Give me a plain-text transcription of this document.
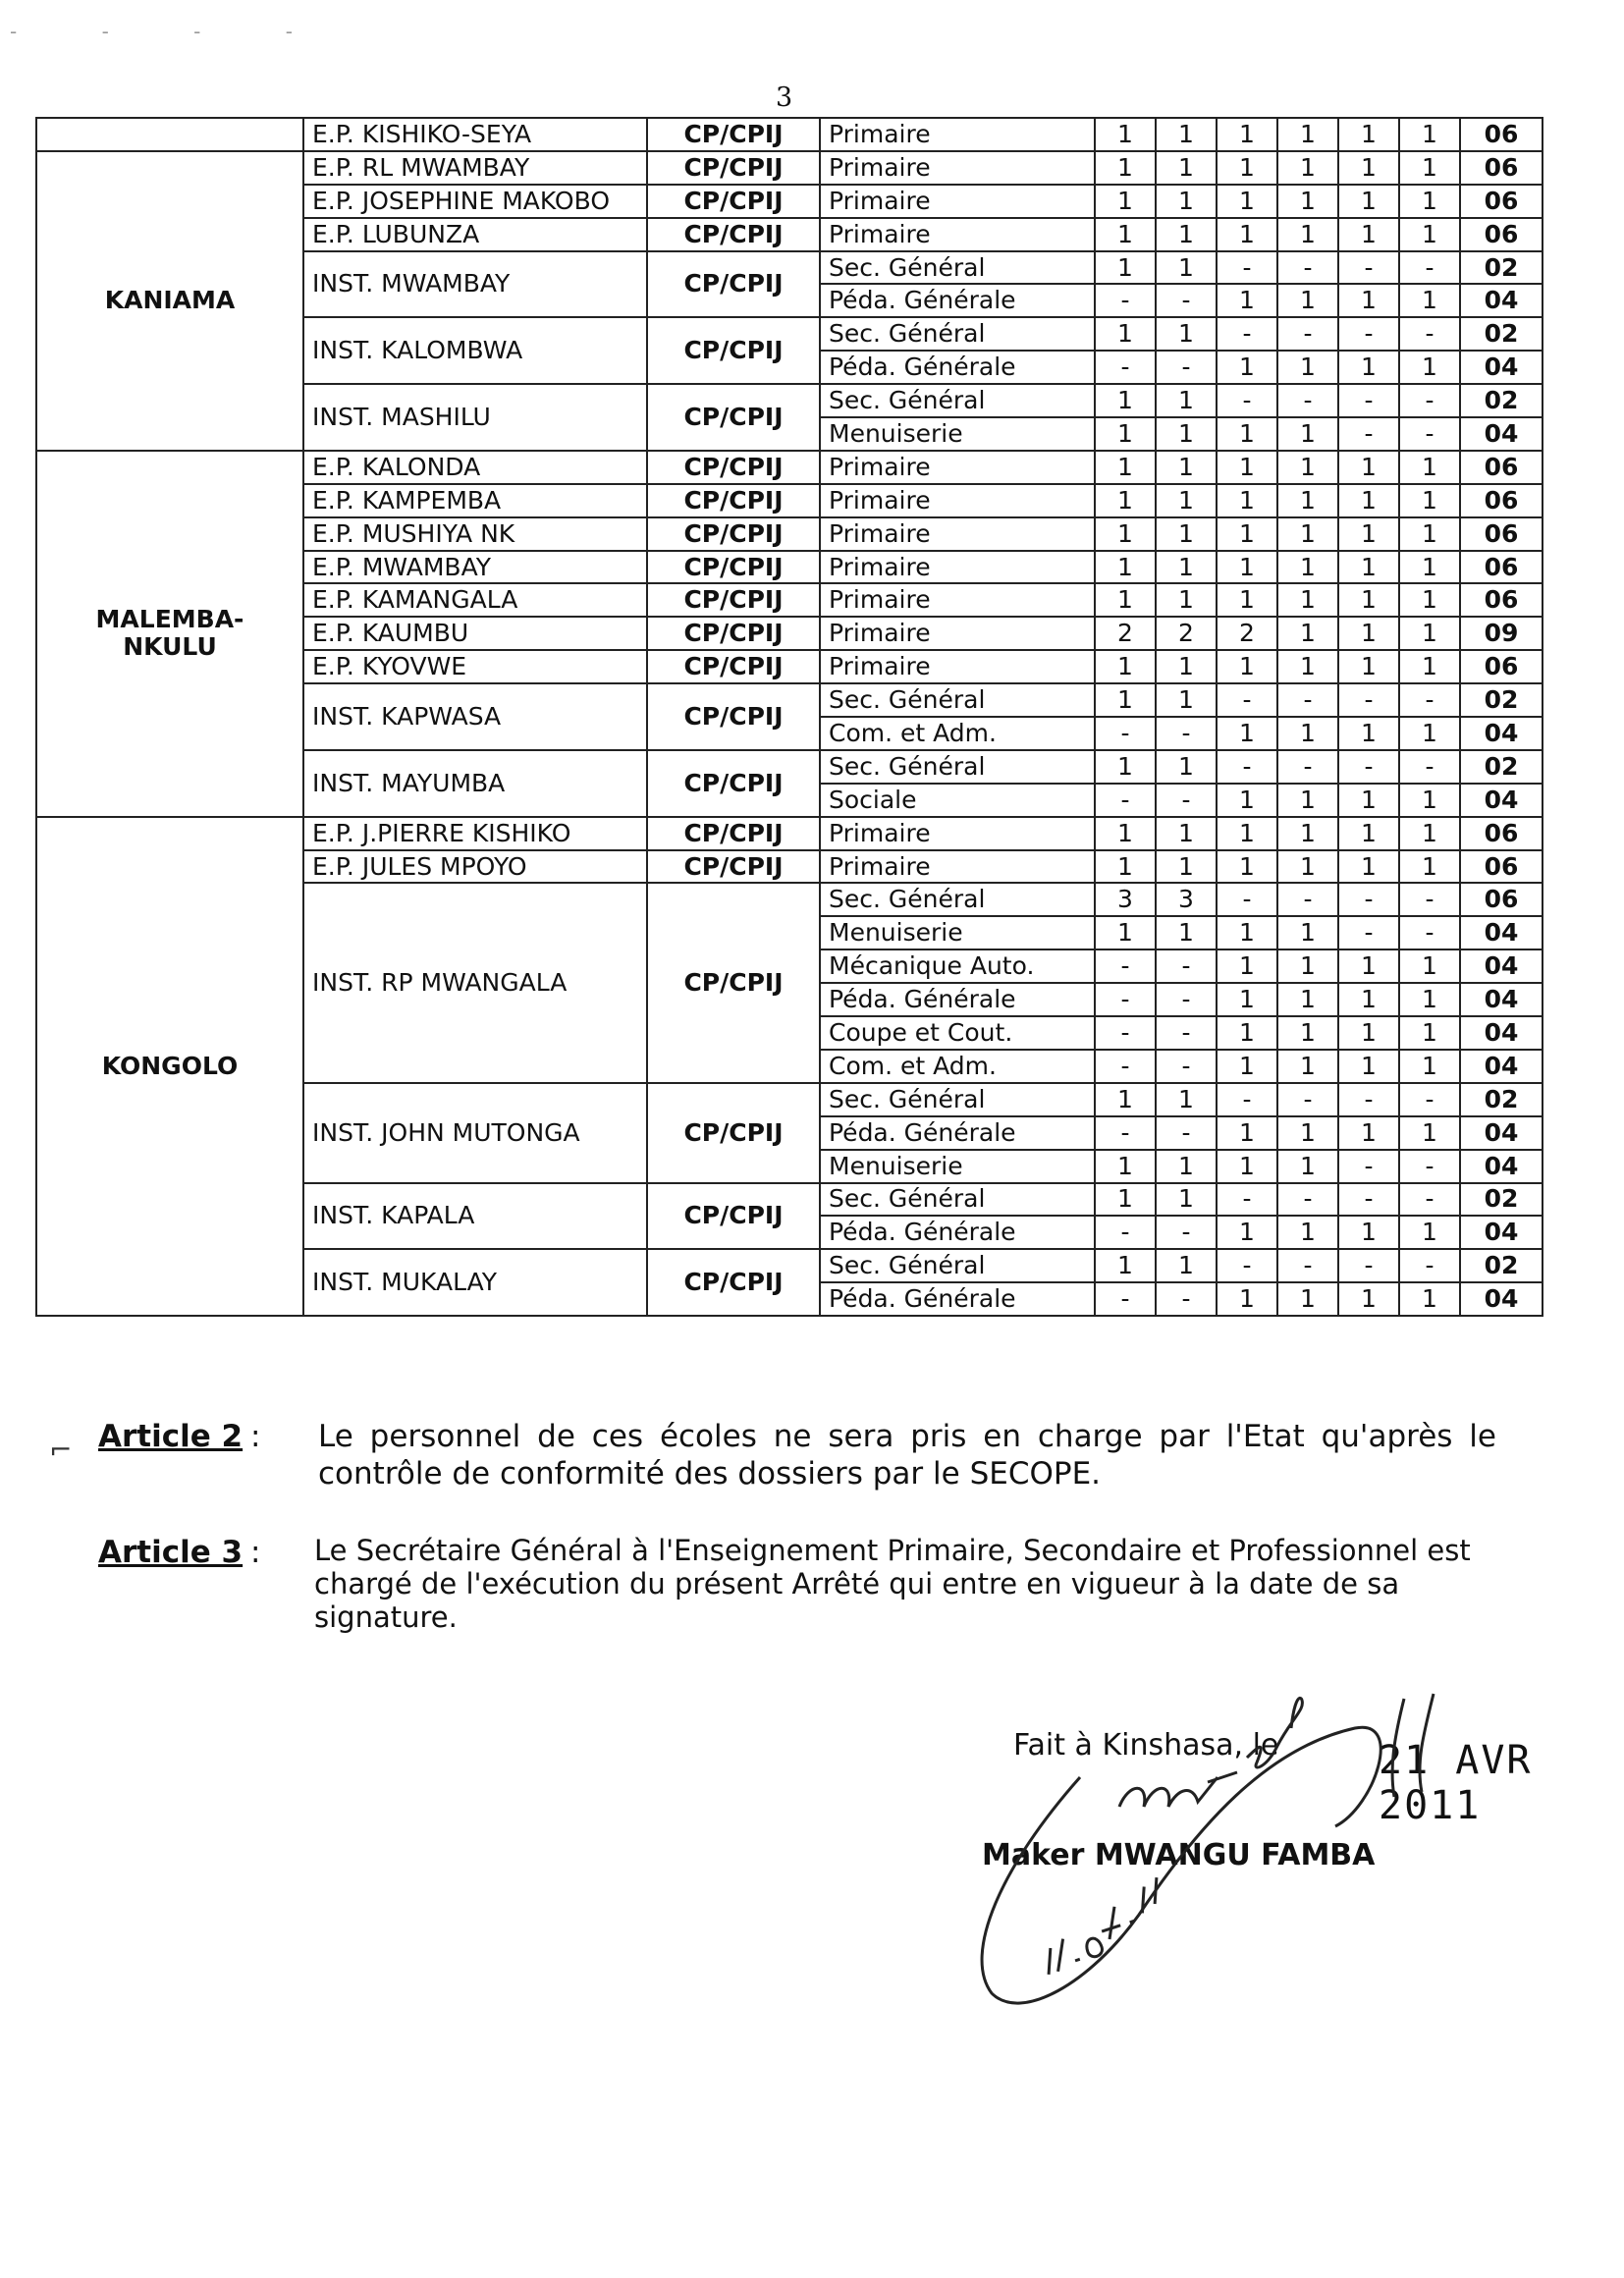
- - - -
3
	E.P. KISHIKO-SEYA	CP/CPIJ	Primaire	1	1	1	1	1	1	06
KANIAMA	E.P. RL MWAMBAY	CP/CPIJ	Primaire	1	1	1	1	1	1	06
	E.P. JOSEPHINE MAKOBO	CP/CPIJ	Primaire	1	1	1	1	1	1	06
	E.P. LUBUNZA	CP/CPIJ	Primaire	1	1	1	1	1	1	06
	INST. MWAMBAY	CP/CPIJ	Sec. Général	1	1	-	-	-	-	02
			Péda. Générale	-	-	1	1	1	1	04
	INST. KALOMBWA	CP/CPIJ	Sec. Général	1	1	-	-	-	-	02
			Péda. Générale	-	-	1	1	1	1	04
	INST. MASHILU	CP/CPIJ	Sec. Général	1	1	-	-	-	-	02
			Menuiserie	1	1	1	1	-	-	04
MALEMBA-
NKULU	E.P. KALONDA	CP/CPIJ	Primaire	1	1	1	1	1	1	06
	E.P. KAMPEMBA	CP/CPIJ	Primaire	1	1	1	1	1	1	06
	E.P. MUSHIYA NK	CP/CPIJ	Primaire	1	1	1	1	1	1	06
	E.P. MWAMBAY	CP/CPIJ	Primaire	1	1	1	1	1	1	06
	E.P. KAMANGALA	CP/CPIJ	Primaire	1	1	1	1	1	1	06
	E.P. KAUMBU	CP/CPIJ	Primaire	2	2	2	1	1	1	09
	E.P. KYOVWE	CP/CPIJ	Primaire	1	1	1	1	1	1	06
	INST. KAPWASA	CP/CPIJ	Sec. Général	1	1	-	-	-	-	02
			Com. et Adm.	-	-	1	1	1	1	04
	INST. MAYUMBA	CP/CPIJ	Sec. Général	1	1	-	-	-	-	02
			Sociale	-	-	1	1	1	1	04
KONGOLO	E.P. J.PIERRE KISHIKO	CP/CPIJ	Primaire	1	1	1	1	1	1	06
	E.P. JULES MPOYO	CP/CPIJ	Primaire	1	1	1	1	1	1	06
	INST. RP MWANGALA	CP/CPIJ	Sec. Général	3	3	-	-	-	-	06
			Menuiserie	1	1	1	1	-	-	04
			Mécanique Auto.	-	-	1	1	1	1	04
			Péda. Générale	-	-	1	1	1	1	04
			Coupe et Cout.	-	-	1	1	1	1	04
			Com. et Adm.	-	-	1	1	1	1	04
	INST. JOHN MUTONGA	CP/CPIJ	Sec. Général	1	1	-	-	-	-	02
			Péda. Générale	-	-	1	1	1	1	04
			Menuiserie	1	1	1	1	-	-	04
	INST. KAPALA	CP/CPIJ	Sec. Général	1	1	-	-	-	-	02
			Péda. Générale	-	-	1	1	1	1	04
	INST. MUKALAY	CP/CPIJ	Sec. Général	1	1	-	-	-	-	02
			Péda. Générale	-	-	1	1	1	1	04
⌐ Article 2 : Le personnel de ces écoles ne sera pris en charge par l'Etat qu'après le contrôle de conformité des dossiers par le SECOPE.
Article 3 : Le Secrétaire Général à l'Enseignement Primaire, Secondaire et Professionnel est chargé de l'exécution du présent Arrêté qui entre en vigueur à la date de sa signature.
Fait à Kinshasa, le	21 AVR 2011
Maker MWANGU FAMBA
